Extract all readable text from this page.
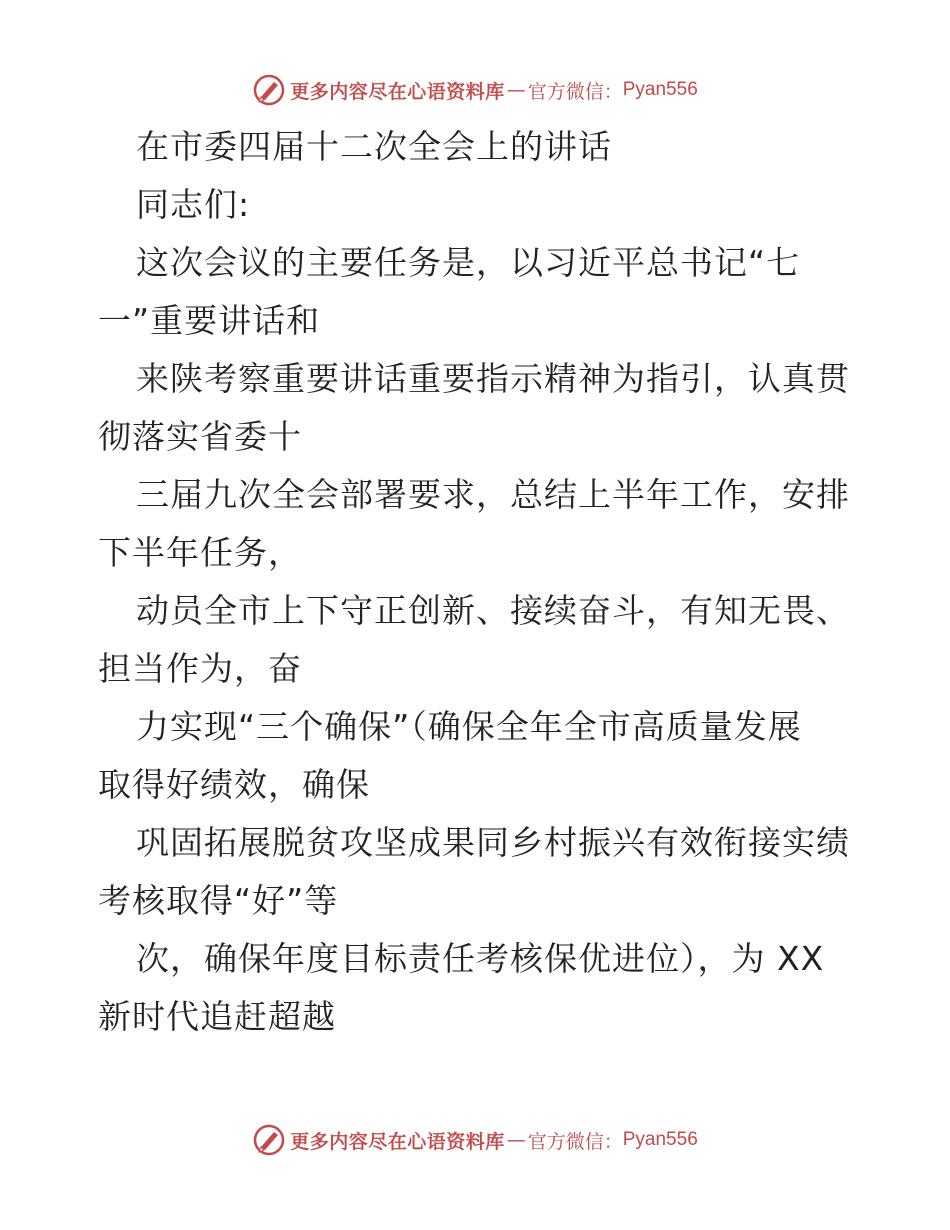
更多内容尽在心语资料库 — 官方微信： Pyan556
在市委四届十二次全会上的讲话
同志们:
这次会议的主要任务是，以习近平总书记“七
一”重要讲话和
来陕考察重要讲话重要指示精神为指引，认真贯
彻落实省委十
三届九次全会部署要求，总结上半年工作，安排
下半年任务，
动员全市上下守正创新、接续奋斗，有知无畏、
担当作为，奋
力实现“三个确保”（确保全年全市高质量发展
取得好绩效，确保
巩固拓展脱贫攻坚成果同乡村振兴有效衔接实绩
考核取得“好”等
次，确保年度目标责任考核保优进位），为 XX
新时代追赶超越
更多内容尽在心语资料库 — 官方微信： Pyan556
